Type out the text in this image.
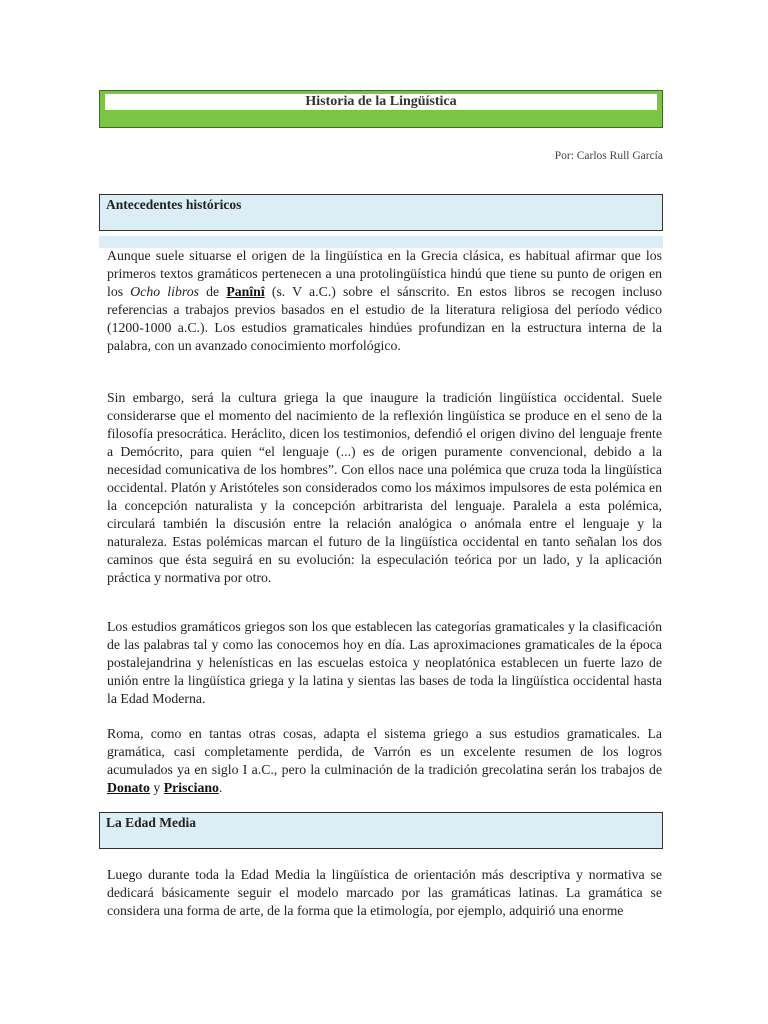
Historia de la Lingüística
Por: Carlos Rull García
Antecedentes históricos
Aunque suele situarse el origen de la lingüística en la Grecia clásica, es habitual afirmar que los primeros textos gramáticos pertenecen a una protolingüística hindú que tiene su punto de origen en los Ocho libros de Panînî (s. V a.C.) sobre el sánscrito. En estos libros se recogen incluso referencias a trabajos previos basados en el estudio de la literatura religiosa del período védico (1200-1000 a.C.). Los estudios gramaticales hindúes profundizan en la estructura interna de la palabra, con un avanzado conocimiento morfológico.
Sin embargo, será la cultura griega la que inaugure la tradición lingüística occidental. Suele considerarse que el momento del nacimiento de la reflexión lingüística se produce en el seno de la filosofía presocrática. Heráclito, dicen los testimonios, defendió el origen divino del lenguaje frente a Demócrito, para quien “el lenguaje (...) es de origen puramente convencional, debido a la necesidad comunicativa de los hombres”. Con ellos nace una polémica que cruza toda la lingüística occidental. Platón y Aristóteles son considerados como los máximos impulsores de esta polémica en la concepción naturalista y la concepción arbitrarista del lenguaje. Paralela a esta polémica, circulará también la discusión entre la relación analógica o anómala entre el lenguaje y la naturaleza. Estas polémicas marcan el futuro de la lingüística occidental en tanto señalan los dos caminos que ésta seguirá en su evolución: la especulación teórica por un lado, y la aplicación práctica y normativa por otro.
Los estudios gramáticos griegos son los que establecen las categorías gramaticales y la clasificación de las palabras tal y como las conocemos hoy en día. Las aproximaciones gramaticales de la época postalejandrina y helenísticas en las escuelas estoica y neoplatónica establecen un fuerte lazo de unión entre la lingüística griega y la latina y sientas las bases de toda la lingüística occidental hasta la Edad Moderna.
Roma, como en tantas otras cosas, adapta el sistema griego a sus estudios gramaticales. La gramática, casi completamente perdida, de Varrón es un excelente resumen de los logros acumulados ya en siglo I a.C., pero la culminación de la tradición grecolatina serán los trabajos de Donato y Prisciano.
La Edad Media
Luego durante toda la Edad Media la lingüística de orientación más descriptiva y normativa se dedicará básicamente seguir el modelo marcado por las gramáticas latinas. La gramática se considera una forma de arte, de la forma que la etimología, por ejemplo, adquirió una enorme
